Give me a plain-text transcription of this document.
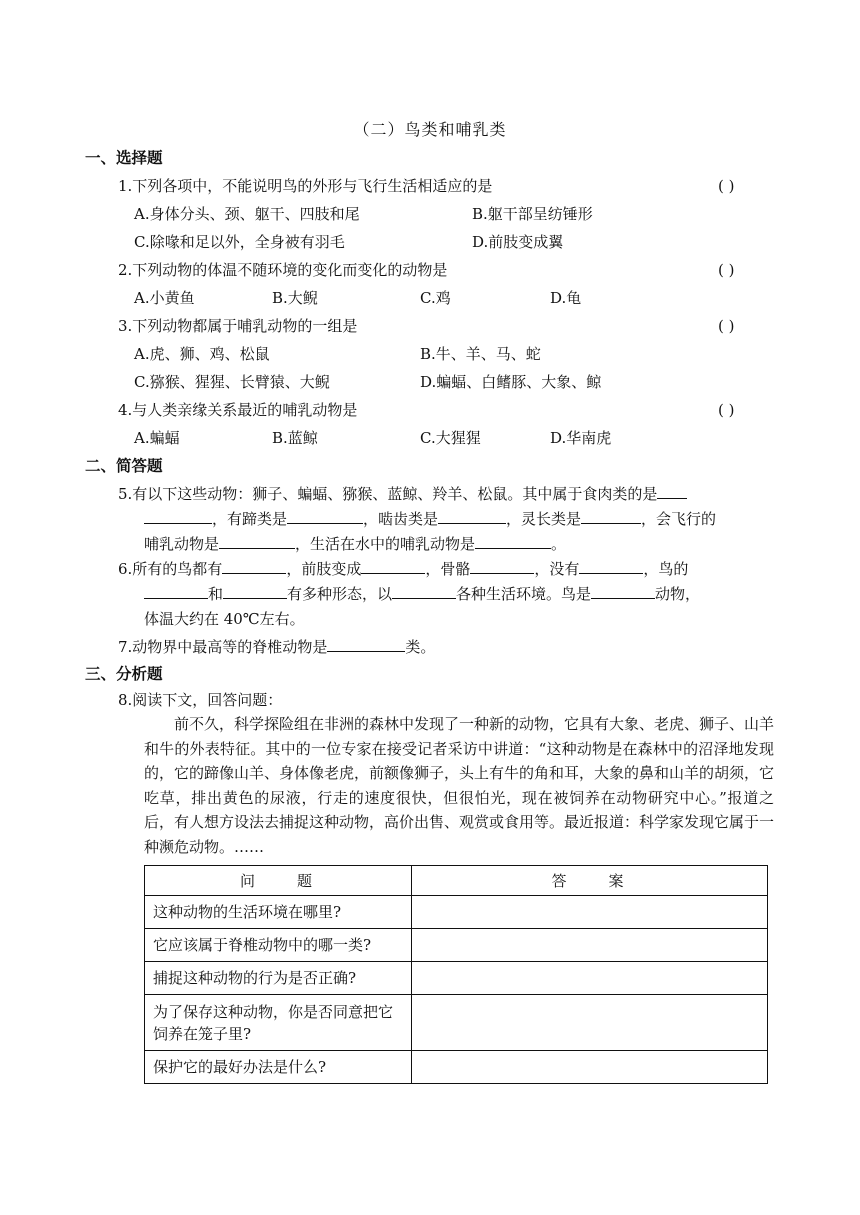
（二）鸟类和哺乳类
一、选择题
1.下列各项中，不能说明鸟的外形与飞行生活相适应的是	( )
A.身体分头、颈、躯干、四肢和尾	B.躯干部呈纺锤形
C.除喙和足以外，全身被有羽毛	D.前肢变成翼
2.下列动物的体温不随环境的变化而变化的动物是	( )
A.小黄鱼	B.大鲵	C.鸡	D.龟
3.下列动物都属于哺乳动物的一组是	( )
A.虎、狮、鸡、松鼠	B.牛、羊、马、蛇
C.猕猴、猩猩、长臂猿、大鲵	D.蝙蝠、白鳍豚、大象、鲸
4.与人类亲缘关系最近的哺乳动物是	( )
A.蝙蝠	B.蓝鲸	C.大猩猩	D.华南虎
二、简答题
5.有以下这些动物：狮子、蝙蝠、猕猴、蓝鲸、羚羊、松鼠。其中属于食肉类的是
，有蹄类是	，啮齿类是	，灵长类是	，会飞行的
哺乳动物是	，生活在水中的哺乳动物是	。
6.所有的鸟都有	，前肢变成	，骨骼	，没有	，鸟的
和	有多种形态，以	各种生活环境。鸟是	动物，
体温大约在 40℃左右。
7.动物界中最高等的脊椎动物是	类。
三、分析题
8.阅读下文，回答问题：
前不久，科学探险组在非洲的森林中发现了一种新的动物，它具有大象、老虎、狮子、山羊和牛的外表特征。其中的一位专家在接受记者采访中讲道：“这种动物是在森林中的沼泽地发现的，它的蹄像山羊、身体像老虎，前额像狮子，头上有牛的角和耳，大象的鼻和山羊的胡须，它吃草，排出黄色的尿液，行走的速度很快，但很怕光，现在被饲养在动物研究中心。”报道之后，有人想方设法去捕捉这种动物，高价出售、观赏或食用等。最近报道：科学家发现它属于一种濒危动物。……
问　　题	答　　案
这种动物的生活环境在哪里?	
它应该属于脊椎动物中的哪一类?	
捕捉这种动物的行为是否正确?	
为了保存这种动物，你是否同意把它饲养在笼子里?	
保护它的最好办法是什么?	
